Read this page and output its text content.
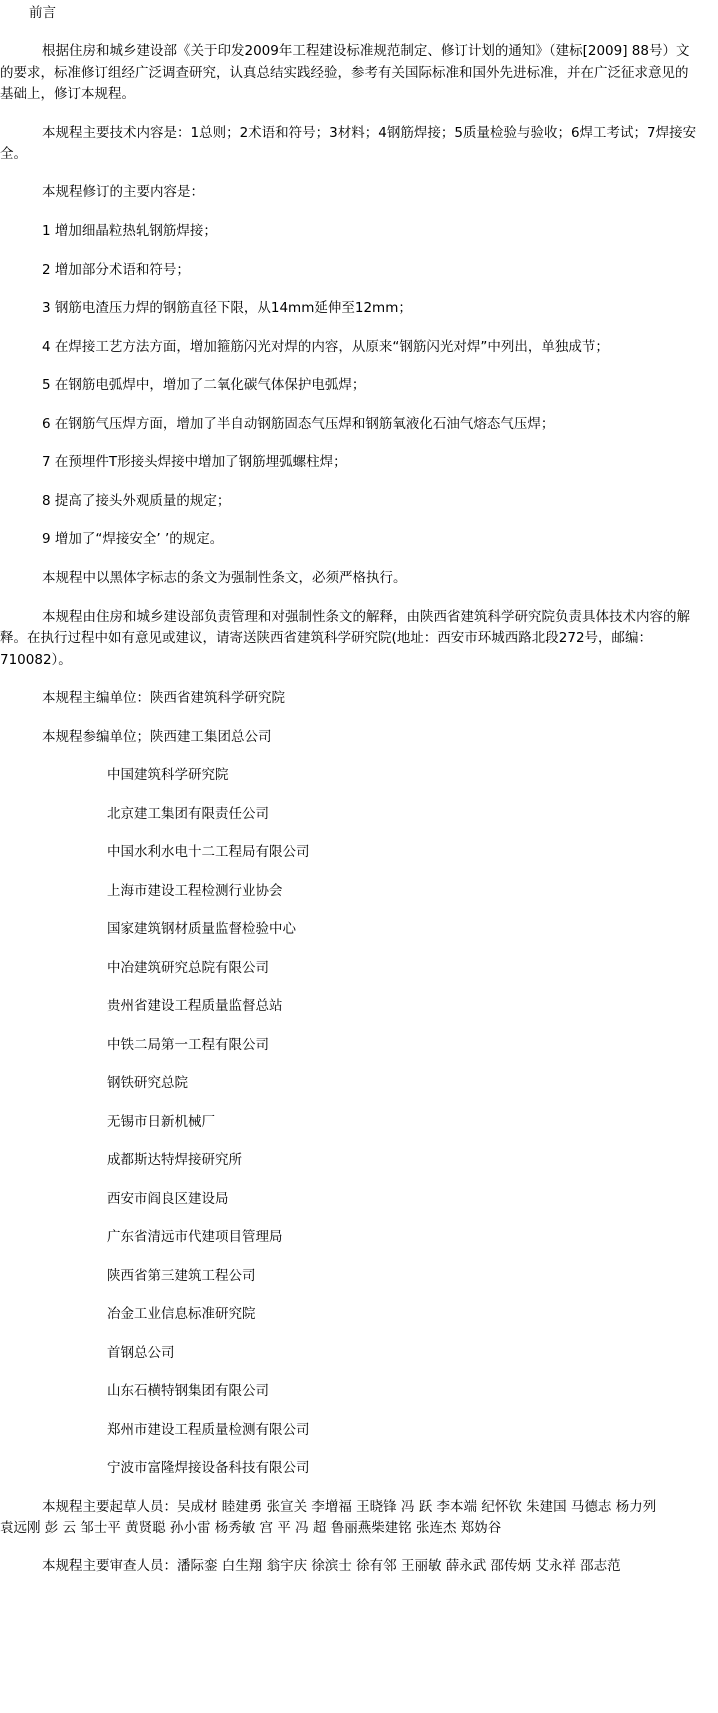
前言
根据住房和城乡建设部《关于印发2009年工程建设标准规范制定、修订计划的通知》（建标[2009] 88号）文
的要求，标准修订组经广泛调查研究，认真总结实践经验，参考有关国际标准和国外先进标准，并在广泛征求意见的
基础上，修订本规程。
本规程主要技术内容是：1总则；2术语和符号；3材料；4钢筋焊接；5质量检验与验收；6焊工考试；7焊接安
全。
本规程修订的主要内容是：
1 增加细晶粒热轧钢筋焊接；
2 增加部分术语和符号；
3 钢筋电渣压力焊的钢筋直径下限，从14mm延伸至12mm；
4 在焊接工艺方法方面，增加箍筋闪光对焊的内容，从原来“钢筋闪光对焊”中列出，单独成节；
5 在钢筋电弧焊中，增加了二氧化碳气体保护电弧焊；
6 在钢筋气压焊方面，增加了半自动钢筋固态气压焊和钢筋氧液化石油气熔态气压焊；
7 在预埋件T形接头焊接中增加了钢筋埋弧螺柱焊；
8 提高了接头外观质量的规定；
9 增加了“焊接安全’ ’的规定。
本规程中以黑体字标志的条文为强制性条文，必须严格执行。
本规程由住房和城乡建设部负责管理和对强制性条文的解释，由陕西省建筑科学研究院负责具体技术内容的解
释。在执行过程中如有意见或建议，请寄送陕西省建筑科学研究院(地址：西安市环城西路北段272号，邮编：
710082）。
本规程主编单位：陕西省建筑科学研究院
本规程参编单位；陕西建工集团总公司
中国建筑科学研究院
北京建工集团有限责任公司
中国水利水电十二工程局有限公司
上海市建设工程检测行业协会
国家建筑钢材质量监督检验中心
中冶建筑研究总院有限公司
贵州省建设工程质量监督总站
中铁二局第一工程有限公司
钢铁研究总院
无锡市日新机械厂
成都斯达特焊接研究所
西安市阎良区建设局
广东省清远市代建项目管理局
陕西省第三建筑工程公司
冶金工业信息标准研究院
首钢总公司
山东石横特钢集团有限公司
郑州市建设工程质量检测有限公司
宁波市富隆焊接设备科技有限公司
本规程主要起草人员：吴成材 睦建勇 张宣关 李增福 王晓锋 冯 跃 李本端 纪怀钦 朱建国 马德志 杨力列
袁远刚 彭 云 邹士平 黄贤聪 孙小雷 杨秀敏 宫 平 冯 超 鲁丽燕柴建铭 张连杰 郑妫谷
本规程主要审查人员：潘际銮 白生翔 翁宇庆 徐滨士 徐有邻 王丽敏 薛永武 邵传炳 艾永祥 邵志范
